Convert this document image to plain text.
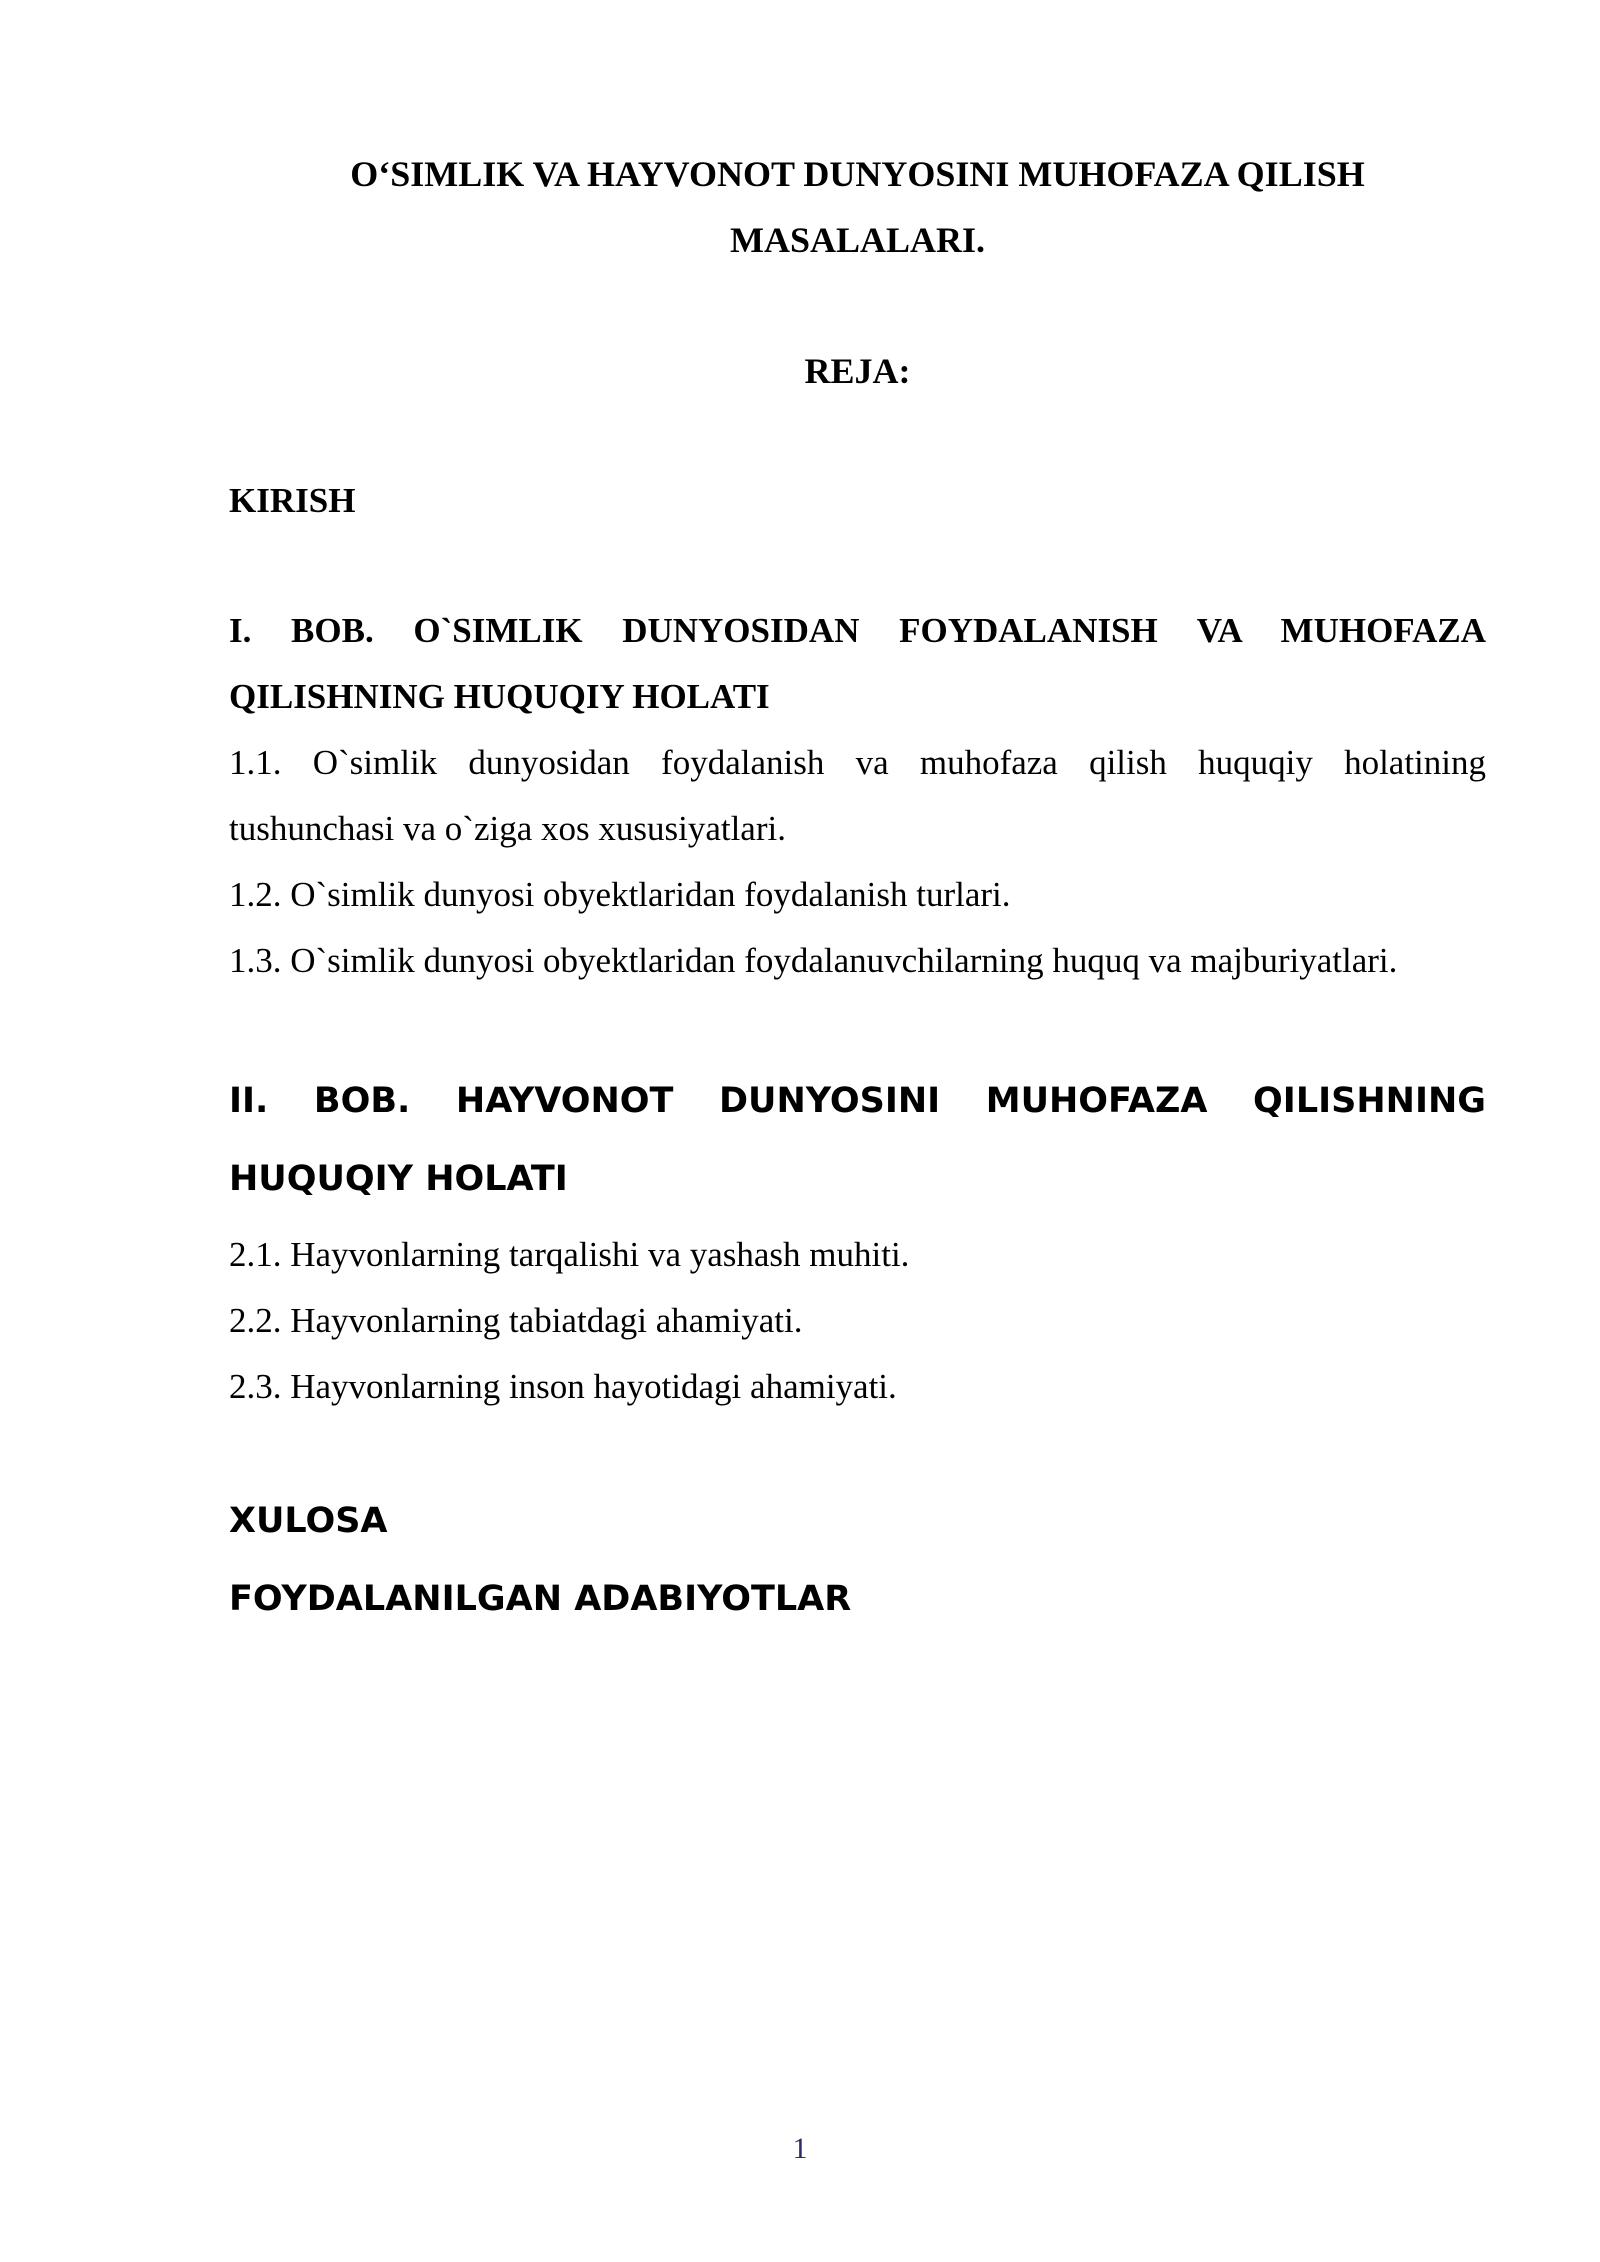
O‘SIMLIK VA HAYVONOT DUNYOSINI MUHOFAZA QILISH
MASALALARI.
REJA:
KIRISH
I. BOB. O`SIMLIK DUNYOSIDAN FOYDALANISH VA MUHOFAZA
QILISHNING HUQUQIY HOLATI
1.1. O`simlik dunyosidan foydalanish va muhofaza qilish huquqiy holatining
tushunchasi va o`ziga xos xususiyatlari.
1.2. O`simlik dunyosi obyektlaridan foydalanish turlari.
1.3. O`simlik dunyosi obyektlaridan foydalanuvchilarning huquq va majburiyatlari.
II. BOB. HAYVONOT DUNYOSINI MUHOFAZA QILISHNING
HUQUQIY HOLATI
2.1. Hayvonlarning tarqalishi va yashash muhiti.
2.2. Hayvonlarning tabiatdagi ahamiyati.
2.3. Hayvonlarning inson hayotidagi ahamiyati.
XULOSA
FOYDALANILGAN ADABIYOTLAR
1
